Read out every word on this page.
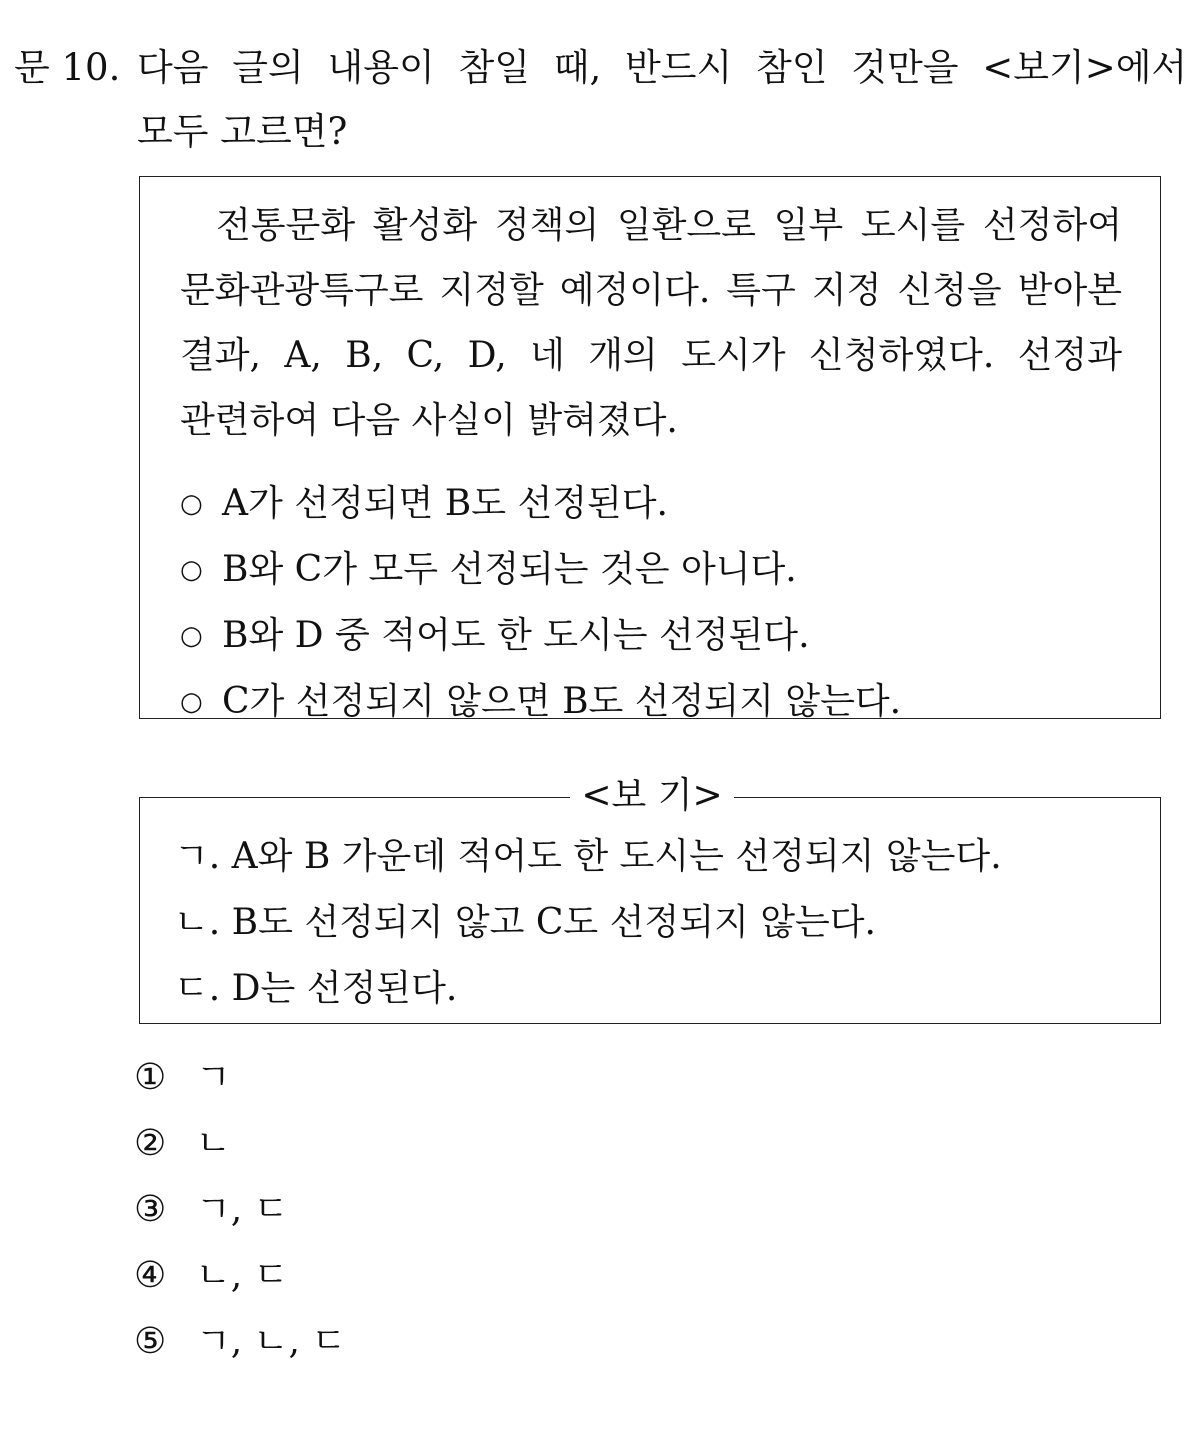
문 10. 다음 글의 내용이 참일 때, 반드시 참인 것만을 <보기>에서
모두 고르면?
전통문화 활성화 정책의 일환으로 일부 도시를 선정하여
문화관광특구로 지정할 예정이다. 특구 지정 신청을 받아본
결과, A, B, C, D, 네 개의 도시가 신청하였다. 선정과
관련하여 다음 사실이 밝혀졌다.
○ A가 선정되면 B도 선정된다.
○ B와 C가 모두 선정되는 것은 아니다.
○ B와 D 중 적어도 한 도시는 선정된다.
○ C가 선정되지 않으면 B도 선정되지 않는다.
<보 기>
ㄱ. A와 B 가운데 적어도 한 도시는 선정되지 않는다.
ㄴ. B도 선정되지 않고 C도 선정되지 않는다.
ㄷ. D는 선정된다.
① ㄱ
② ㄴ
③ ㄱ, ㄷ
④ ㄴ, ㄷ
⑤ ㄱ, ㄴ, ㄷ
